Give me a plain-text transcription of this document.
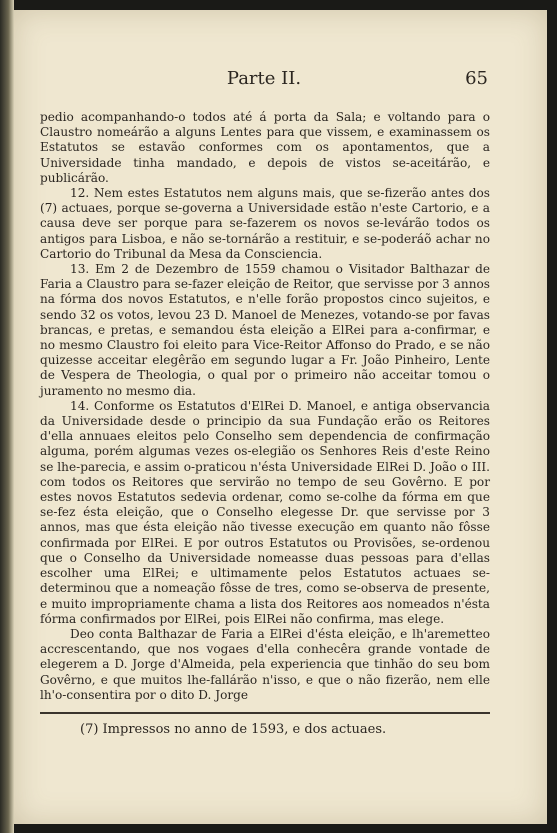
Parte II.	65

pedio acompanhando-o todos até á porta da Sala; e voltando para o Claustro nomeárão a alguns Lentes para que vissem, e examinassem os Estatutos se estavão conformes com os apontamentos, que a Universidade tinha mandado, e depois de vistos se-aceitárão, e publicárão.

12. Nem estes Estatutos nem alguns mais, que se-fizerão antes dos (7) actuaes, porque se-governa a Universidade estão n'este Cartorio, e a causa deve ser porque para se-fazerem os novos se-levárão todos os antigos para Lisboa, e não se-tornárão a restituir, e se-poderáõ achar no Cartorio do Tribunal da Mesa da Consciencia.

13. Em 2 de Dezembro de 1559 chamou o Visitador Balthazar de Faria a Claustro para se-fazer eleição de Reitor, que servisse por 3 annos na fórma dos novos Estatutos, e n'elle forão propostos cinco sujeitos, e sendo 32 os votos, levou 23 D. Manoel de Menezes, votando-se por favas brancas, e pretas, e semandou ésta eleição a ElRei para a-confirmar, e no mesmo Claustro foi eleito para Vice-Reitor Affonso do Prado, e se não quizesse acceitar elegêrão em segundo lugar a Fr. João Pinheiro, Lente de Vespera de Theologia, o qual por o primeiro não acceitar tomou o juramento no mesmo dia.

14. Conforme os Estatutos d'ElRei D. Manoel, e antiga observancia da Universidade desde o principio da sua Fundação erão os Reitores d'ella annuaes eleitos pelo Conselho sem dependencia de confirmação alguma, porém algumas vezes os-elegião os Senhores Reis d'este Reino se lhe-parecia, e assim o-praticou n'ésta Universidade ElRei D. João o III. com todos os Reitores que servirão no tempo de seu Govêrno. E por estes novos Estatutos sedevia ordenar, como se-colhe da fórma em que se-fez ésta eleição, que o Conselho elegesse Dr. que servisse por 3 annos, mas que ésta eleição não tivesse execução em quanto não fôsse confirmada por ElRei. E por outros Estatutos ou Provisões, se-ordenou que o Conselho da Universidade nomeasse duas pessoas para d'ellas escolher uma ElRei; e ultimamente pelos Estatutos actuaes se-determinou que a nomeação fôsse de tres, como se-observa de presente, e muito impropriamente chama a lista dos Reitores aos nomeados n'ésta fórma confirmados por ElRei, pois ElRei não confirma, mas elege.

Deo conta Balthazar de Faria a ElRei d'ésta eleição, e lh'aremetteo accrescentando, que nos vogaes d'ella conhecêra grande vontade de elegerem a D. Jorge d'Almeida, pela experiencia que tinhão do seu bom Govêrno, e que muitos lhe-fallárão n'isso, e que o não fizerão, nem elle lh'o-consentira por o dito D. Jorge

(7) Impressos no anno de 1593, e dos actuaes.
